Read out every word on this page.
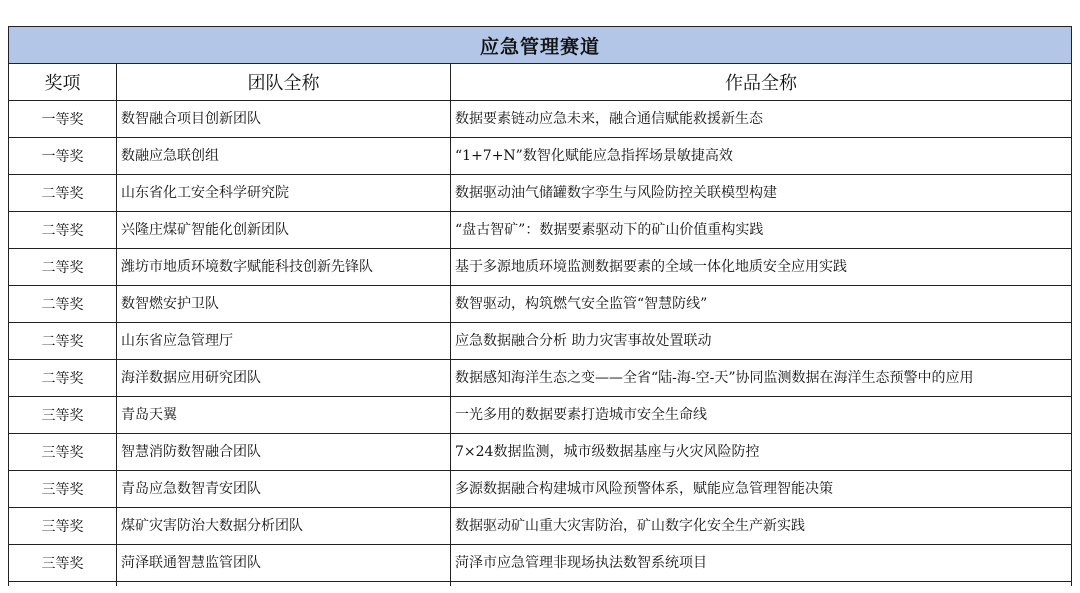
应急管理赛道		
奖项	团队全称	作品全称
一等奖	数智融合项目创新团队	数据要素链动应急未来，融合通信赋能救援新生态
一等奖	数融应急联创组	“1+7+N”数智化赋能应急指挥场景敏捷高效
二等奖	山东省化工安全科学研究院	数据驱动油气储罐数字孪生与风险防控关联模型构建
二等奖	兴隆庄煤矿智能化创新团队	“盘古智矿”：数据要素驱动下的矿山价值重构实践
二等奖	潍坊市地质环境数字赋能科技创新先锋队	基于多源地质环境监测数据要素的全域一体化地质安全应用实践
二等奖	数智燃安护卫队	数智驱动，构筑燃气安全监管“智慧防线”
二等奖	山东省应急管理厅	应急数据融合分析 助力灾害事故处置联动
二等奖	海洋数据应用研究团队	数据感知海洋生态之变——全省“陆-海-空-天”协同监测数据在海洋生态预警中的应用
三等奖	青岛天翼	一光多用的数据要素打造城市安全生命线
三等奖	智慧消防数智融合团队	7×24数据监测，城市级数据基座与火灾风险防控
三等奖	青岛应急数智青安团队	多源数据融合构建城市风险预警体系，赋能应急管理智能决策
三等奖	煤矿灾害防治大数据分析团队	数据驱动矿山重大灾害防治，矿山数字化安全生产新实践
三等奖	菏泽联通智慧监管团队	菏泽市应急管理非现场执法数智系统项目
